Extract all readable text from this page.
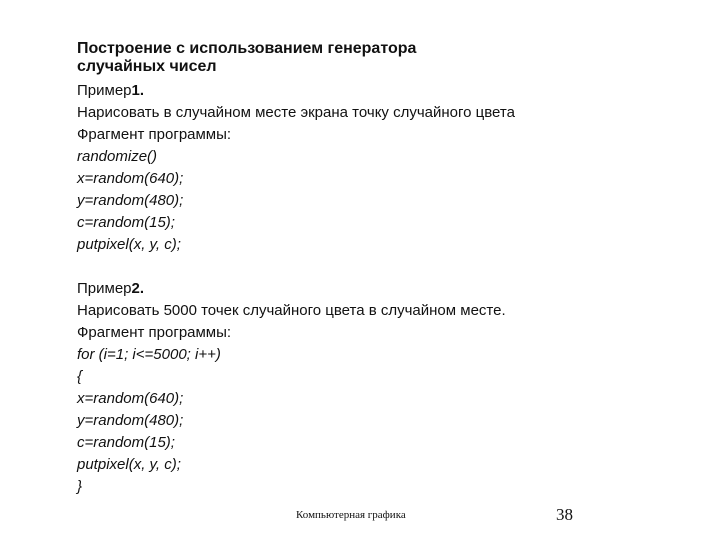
Построение с использованием генератора
случайных чисел

Пример1.

Нарисовать в случайном месте экрана точку случайного цвета

Фрагмент программы:

randomize()

x=random(640);

y=random(480);

c=random(15);

putpixel(x, y, c);

Пример2.

Нарисовать 5000 точек случайного цвета в случайном месте.

Фрагмент программы:

for (i=1; i<=5000; i++)

{

x=random(640);

y=random(480);

c=random(15);

putpixel(x, y, c);

}

Компьютерная графика	38
